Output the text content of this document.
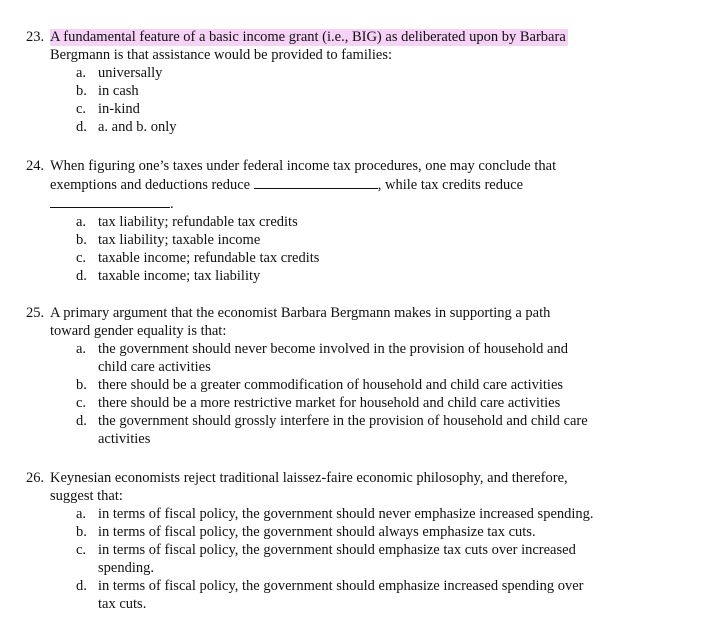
23. A fundamental feature of a basic income grant (i.e., BIG) as deliberated upon by Barbara
Bergmann is that assistance would be provided to families:
a. universally
b. in cash
c. in-kind
d. a. and b. only
24. When figuring one’s taxes under federal income tax procedures, one may conclude that
exemptions and deductions reduce	, while tax credits reduce
.
a. tax liability; refundable tax credits
b. tax liability; taxable income
c. taxable income; refundable tax credits
d. taxable income; tax liability
25. A primary argument that the economist Barbara Bergmann makes in supporting a path
toward gender equality is that:
a. the government should never become involved in the provision of household and
child care activities
b. there should be a greater commodification of household and child care activities
c. there should be a more restrictive market for household and child care activities
d. the government should grossly interfere in the provision of household and child care
activities
26. Keynesian economists reject traditional laissez-faire economic philosophy, and therefore,
suggest that:
a. in terms of fiscal policy, the government should never emphasize increased spending.
b. in terms of fiscal policy, the government should always emphasize tax cuts.
c. in terms of fiscal policy, the government should emphasize tax cuts over increased
spending.
d. in terms of fiscal policy, the government should emphasize increased spending over
tax cuts.
